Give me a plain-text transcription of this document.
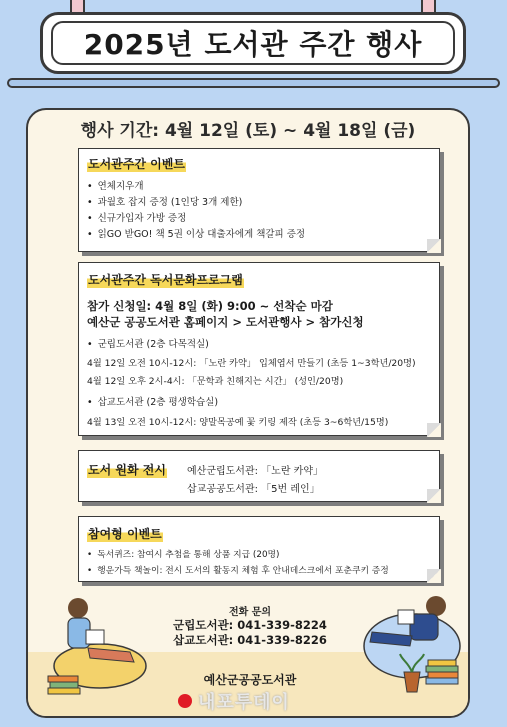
2025년 도서관 주간 행사
행사 기간: 4월 12일 (토) ~ 4월 18일 (금)
도서관주간 이벤트
• 연체지우개
• 과월호 잡지 증정 (1인당 3개 제한)
• 신규가입자 가방 증정
• 읽GO 받GO! 책 5권 이상 대출자에게 책갈피 증정
도서관주간 독서문화프로그램
참가 신청일: 4월 8일 (화) 9:00 ~ 선착순 마감
예산군 공공도서관 홈페이지 > 도서관행사 > 참가신청
• 군립도서관 (2층 다목적실)
4월 12일 오전 10시-12시: 「노란 카약」 입체엽서 만들기 (초등 1~3학년/20명)
4월 12일 오후 2시-4시: 「문학과 친해지는 시간」 (성인/20명)
• 삽교도서관 (2층 평생학습실)
4월 13일 오전 10시-12시: 양말목공예 꽃 키링 제작 (초등 3~6학년/15명)
도서 원화 전시 예산군립도서관: 「노란 카약」
삽교공공도서관: 「5번 레인」
참여형 이벤트
• 독서퀴즈: 참여시 추첨을 통해 상품 지급 (20명)
• 행운가득 책놀이: 전시 도서의 활동지 체험 후 안내데스크에서 포춘쿠키 증정
전화 문의
군립도서관: 041-339-8224
삽교도서관: 041-339-8226
예산군공공도서관
내포투데이
